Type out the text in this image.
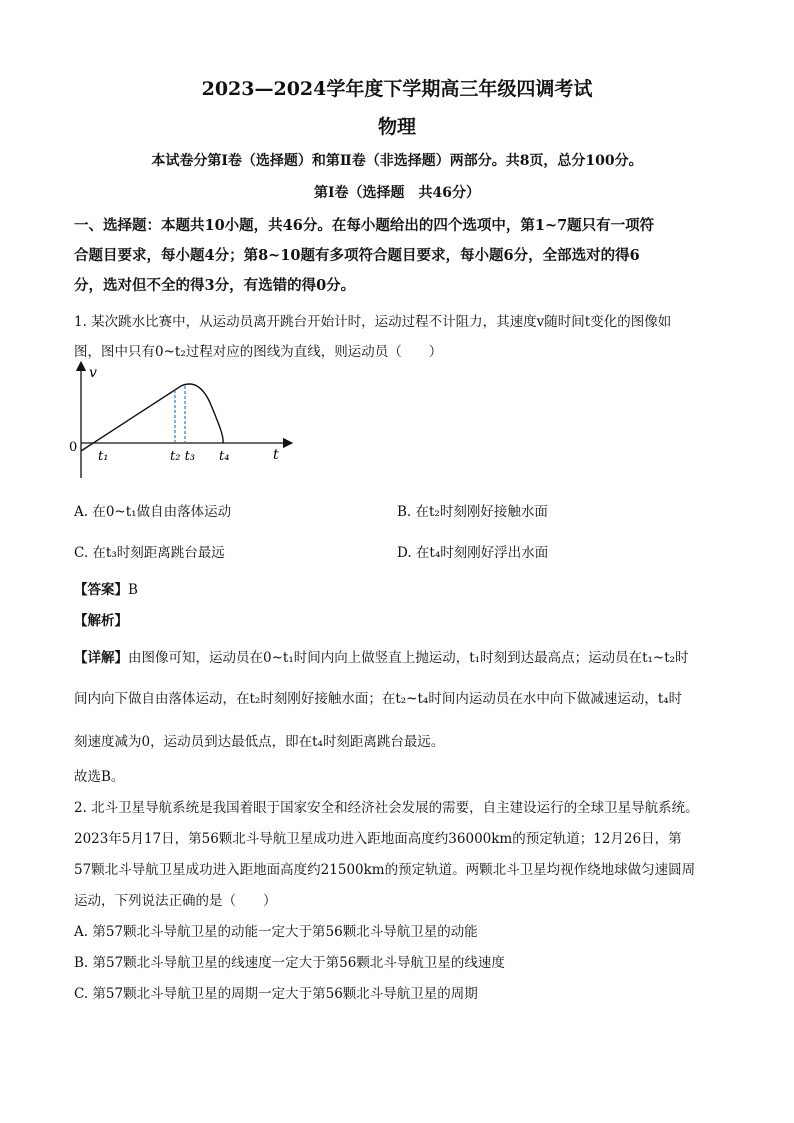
2023—2024学年度下学期高三年级四调考试
物理
本试卷分第Ⅰ卷（选择题）和第Ⅱ卷（非选择题）两部分。共8页，总分100分。
第Ⅰ卷（选择题　共46分）
一、选择题：本题共10小题，共46分。在每小题给出的四个选项中，第1~7题只有一项符
合题目要求，每小题4分；第8~10题有多项符合题目要求，每小题6分，全部选对的得6
分，选对但不全的得3分，有选错的得0分。
1. 某次跳水比赛中，从运动员离开跳台开始计时，运动过程不计阻力，其速度v随时间t变化的图像如
图，图中只有0~t₂过程对应的图线为直线，则运动员（　　）
v
0
t₁	t₂ t₃ t₄	t
A. 在0~t₁做自由落体运动	B. 在t₂时刻刚好接触水面
C. 在t₃时刻距离跳台最远	D. 在t₄时刻刚好浮出水面
【答案】B
【解析】
【详解】由图像可知，运动员在0~t₁时间内向上做竖直上抛运动，t₁时刻到达最高点；运动员在t₁~t₂时
间内向下做自由落体运动，在t₂时刻刚好接触水面；在t₂~t₄时间内运动员在水中向下做减速运动，t₄时
刻速度减为0，运动员到达最低点，即在t₄时刻距离跳台最远。
故选B。
2. 北斗卫星导航系统是我国着眼于国家安全和经济社会发展的需要，自主建设运行的全球卫星导航系统。
2023年5月17日，第56颗北斗导航卫星成功进入距地面高度约36000km的预定轨道；12月26日，第
57颗北斗导航卫星成功进入距地面高度约21500km的预定轨道。两颗北斗卫星均视作绕地球做匀速圆周
运动，下列说法正确的是（　　）
A. 第57颗北斗导航卫星的动能一定大于第56颗北斗导航卫星的动能
B. 第57颗北斗导航卫星的线速度一定大于第56颗北斗导航卫星的线速度
C. 第57颗北斗导航卫星的周期一定大于第56颗北斗导航卫星的周期
